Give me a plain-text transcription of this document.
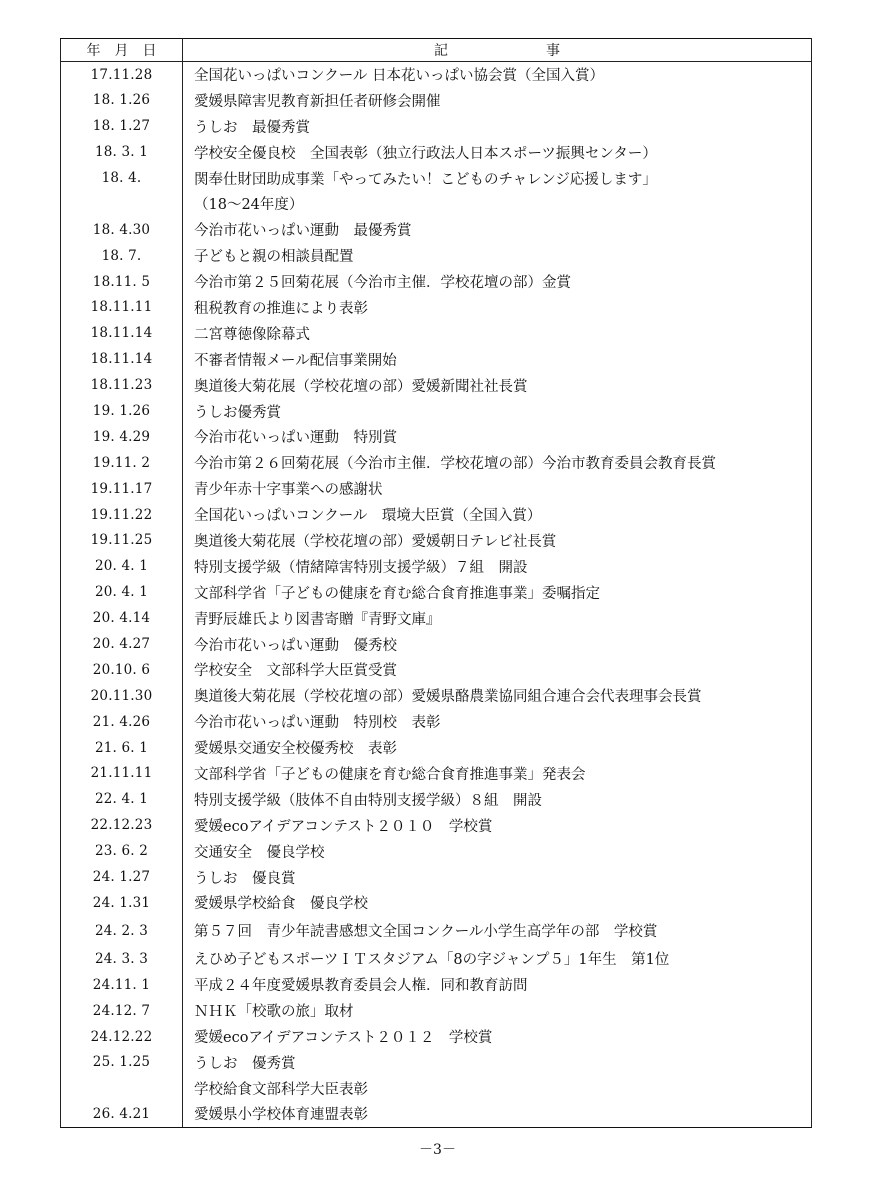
年　月　日	記　　　　　　　事
17.11.28	全国花いっぱいコンクール 日本花いっぱい協会賞（全国入賞）
18. 1.26	愛媛県障害児教育新担任者研修会開催
18. 1.27	うしお　最優秀賞
18. 3. 1	学校安全優良校　全国表彰（独立行政法人日本スポーツ振興センター）
18. 4.	関奉仕財団助成事業「やってみたい！こどものチャレンジ応援します」
	（18～24年度）
18. 4.30	今治市花いっぱい運動　最優秀賞
18. 7.	子どもと親の相談員配置
18.11. 5	今治市第２５回菊花展（今治市主催．学校花壇の部）金賞
18.11.11	租税教育の推進により表彰
18.11.14	二宮尊徳像除幕式
18.11.14	不審者情報メール配信事業開始
18.11.23	奥道後大菊花展（学校花壇の部）愛媛新聞社社長賞
19. 1.26	うしお優秀賞
19. 4.29	今治市花いっぱい運動　特別賞
19.11. 2	今治市第２６回菊花展（今治市主催．学校花壇の部）今治市教育委員会教育長賞
19.11.17	青少年赤十字事業への感謝状
19.11.22	全国花いっぱいコンクール　環境大臣賞（全国入賞）
19.11.25	奥道後大菊花展（学校花壇の部）愛媛朝日テレビ社長賞
20. 4. 1	特別支援学級（情緒障害特別支援学級）７組　開設
20. 4. 1	文部科学省「子どもの健康を育む総合食育推進事業」委嘱指定
20. 4.14	青野辰雄氏より図書寄贈『青野文庫』
20. 4.27	今治市花いっぱい運動　優秀校
20.10. 6	学校安全　文部科学大臣賞受賞
20.11.30	奥道後大菊花展（学校花壇の部）愛媛県酪農業協同組合連合会代表理事会長賞
21. 4.26	今治市花いっぱい運動　特別校　表彰
21. 6. 1	愛媛県交通安全校優秀校　表彰
21.11.11	文部科学省「子どもの健康を育む総合食育推進事業」発表会
22. 4. 1	特別支援学級（肢体不自由特別支援学級）８組　開設
22.12.23	愛媛ecoアイデアコンテスト２０１０　学校賞
23. 6. 2	交通安全　優良学校
24. 1.27	うしお　優良賞
24. 1.31	愛媛県学校給食　優良学校
24. 2. 3	第５７回　青少年読書感想文全国コンクール小学生高学年の部　学校賞
24. 3. 3	えひめ子どもスポーツＩＴスタジアム「8の字ジャンプ５」1年生　第1位
24.11. 1	平成２４年度愛媛県教育委員会人権．同和教育訪問
24.12. 7	ＮＨＫ「校歌の旅」取材
24.12.22	愛媛ecoアイデアコンテスト２０１２　学校賞
25. 1.25	うしお　優秀賞
	学校給食文部科学大臣表彰
26. 4.21	愛媛県小学校体育連盟表彰
－3－
